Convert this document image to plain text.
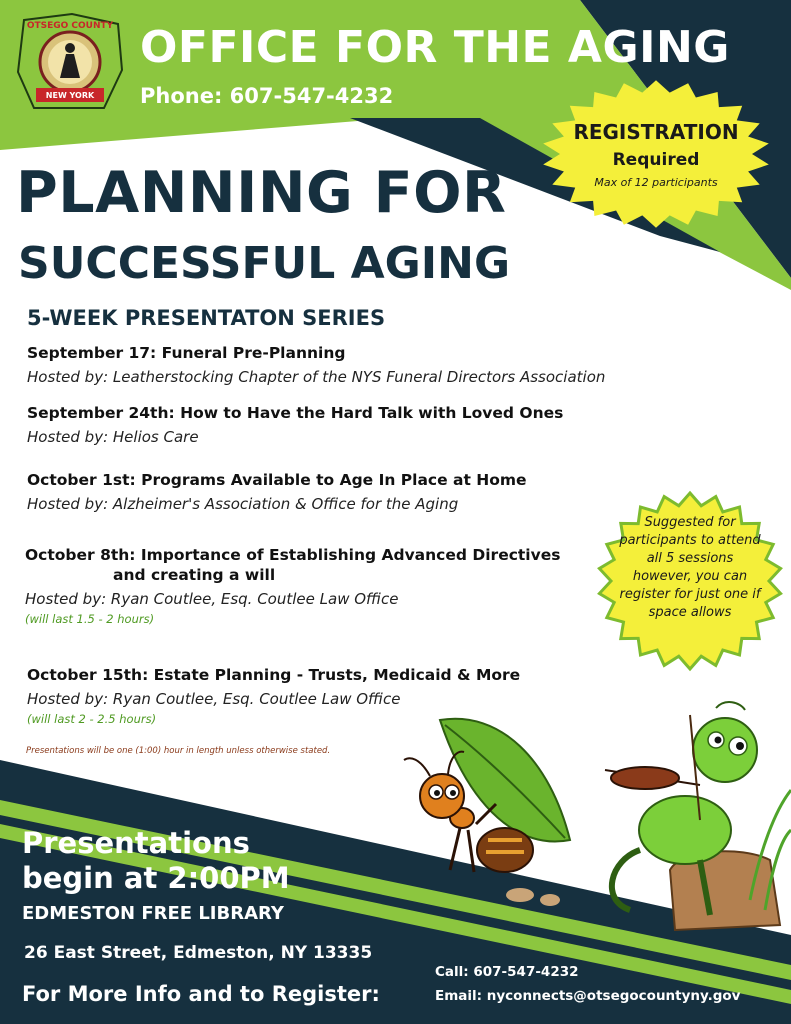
NEW YORK
OTSEGO COUNTY OFFICE FOR THE AGING
Phone: 607-547-4232
REGISTRATION
Required
Max of 12 participants
PLANNING FOR
SUCCESSFUL AGING
5-WEEK PRESENTATON SERIES
September 17: Funeral Pre-Planning
Hosted by: Leatherstocking Chapter of the NYS Funeral Directors Association
September 24th: How to Have the Hard Talk with Loved Ones
Hosted by: Helios Care
October 1st: Programs Available to Age In Place at Home
Hosted by: Alzheimer's Association & Office for the Aging
October 8th: Importance of Establishing Advanced Directives
and creating a will
Hosted by: Ryan Coutlee, Esq. Coutlee Law Office
(will last 1.5 - 2 hours)
October 15th: Estate Planning - Trusts, Medicaid & More
Hosted by: Ryan Coutlee, Esq. Coutlee Law Office
(will last 2 - 2.5 hours)
Presentations will be one (1:00) hour in length unless otherwise stated.
Suggested for
participants to attend
all 5 sessions
however, you can
register for just one if
space allows
Presentations
begin at 2:00PM
EDMESTON FREE LIBRARY
26 East Street, Edmeston, NY 13335
For More Info and to Register:
Call: 607-547-4232
Email: nyconnects@otsegocountyny.gov
